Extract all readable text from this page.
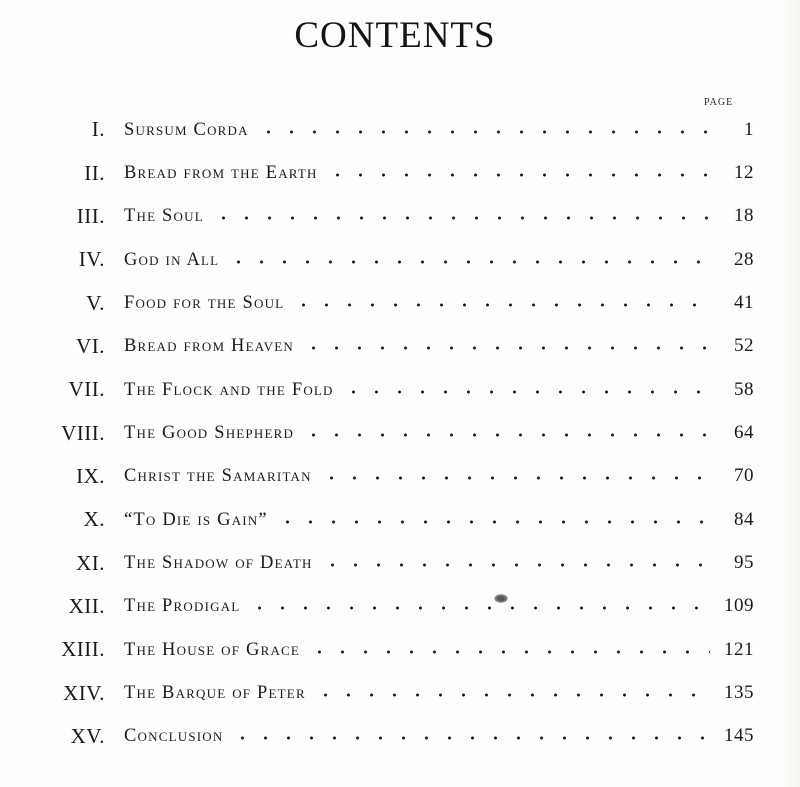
CONTENTS
PAGE
I. Sursum Corda	1
II. Bread from the Earth	12
III. The Soul	18
IV. God in All	28
V. Food for the Soul	41
VI. Bread from Heaven	52
VII. The Flock and the Fold	58
VIII. The Good Shepherd	64
IX. Christ the Samaritan	70
X. “To Die is Gain”	84
XI. The Shadow of Death	95
XII. The Prodigal	109
XIII. The House of Grace	121
XIV. The Barque of Peter	135
XV. Conclusion	145
